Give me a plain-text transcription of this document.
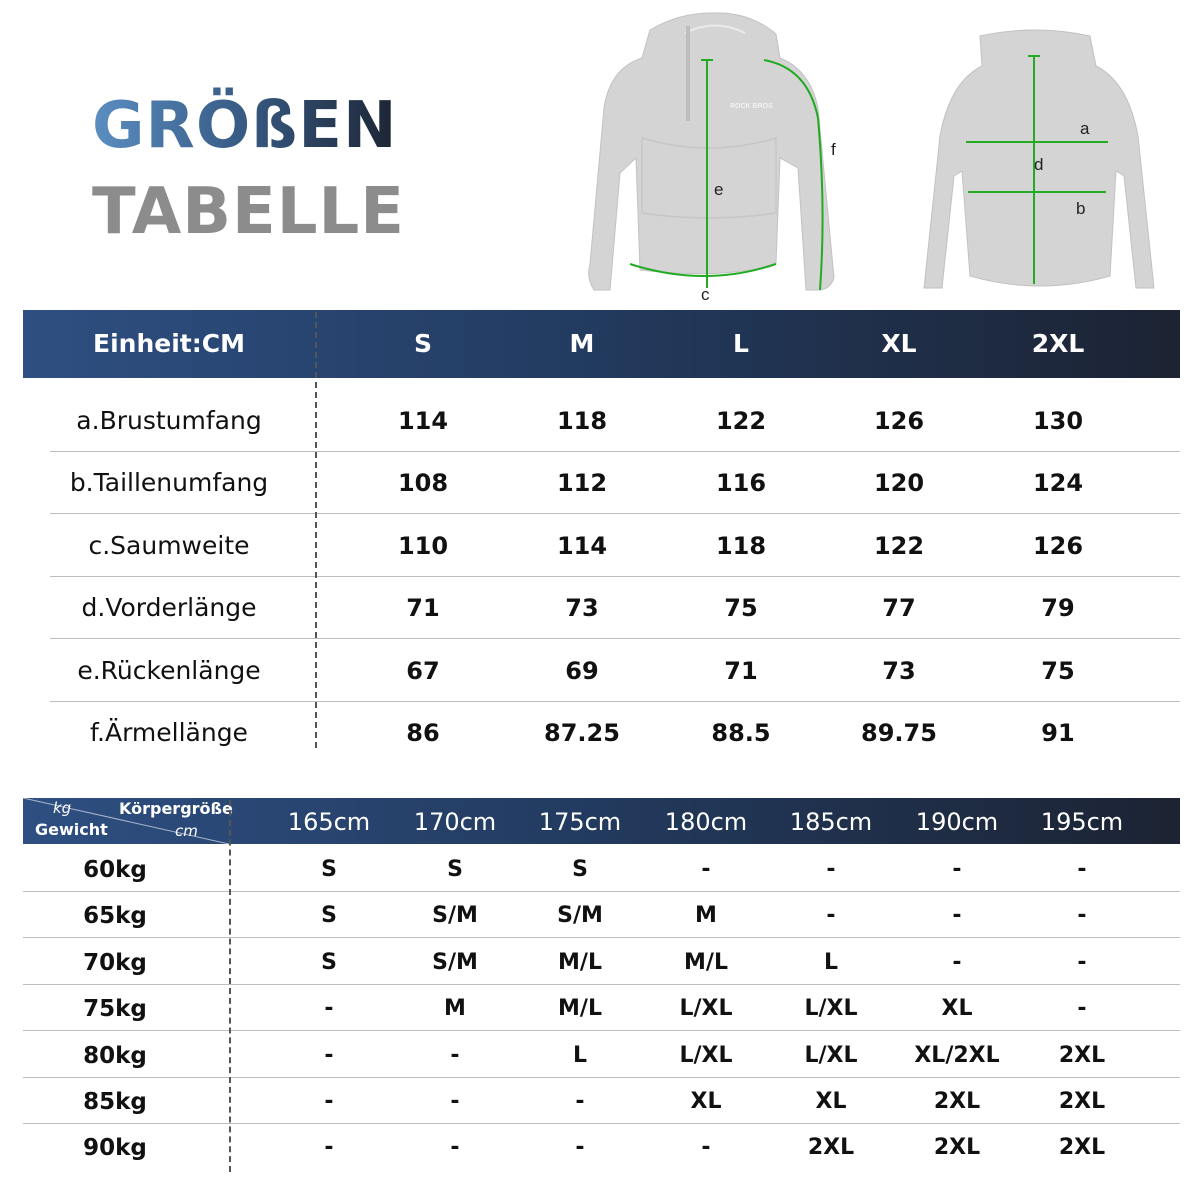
GRÖßEN
TABELLE
ROCK BROS
e
c
f
a
d
b
Einheit:CM	S	M	L	XL	2XL
a.Brustumfang	114	118	122	126	130
b.Taillenumfang	108	112	116	120	124
c.Saumweite	110	114	118	122	126
d.Vorderlänge	71	73	75	77	79
e.Rückenlänge	67	69	71	73	75
f.Ärmellänge	86	87.25	88.5	89.75	91
kg
Gewicht
Körpergröße
cm	165cm	170cm	175cm	180cm	185cm	190cm	195cm
60kg	S	S	S	-	-	-	-
65kg	S	S/M	S/M	M	-	-	-
70kg	S	S/M	M/L	M/L	L	-	-
75kg	-	M	M/L	L/XL	L/XL	XL	-
80kg	-	-	L	L/XL	L/XL	XL/2XL	2XL
85kg	-	-	-	XL	XL	2XL	2XL
90kg	-	-	-	-	2XL	2XL	2XL
